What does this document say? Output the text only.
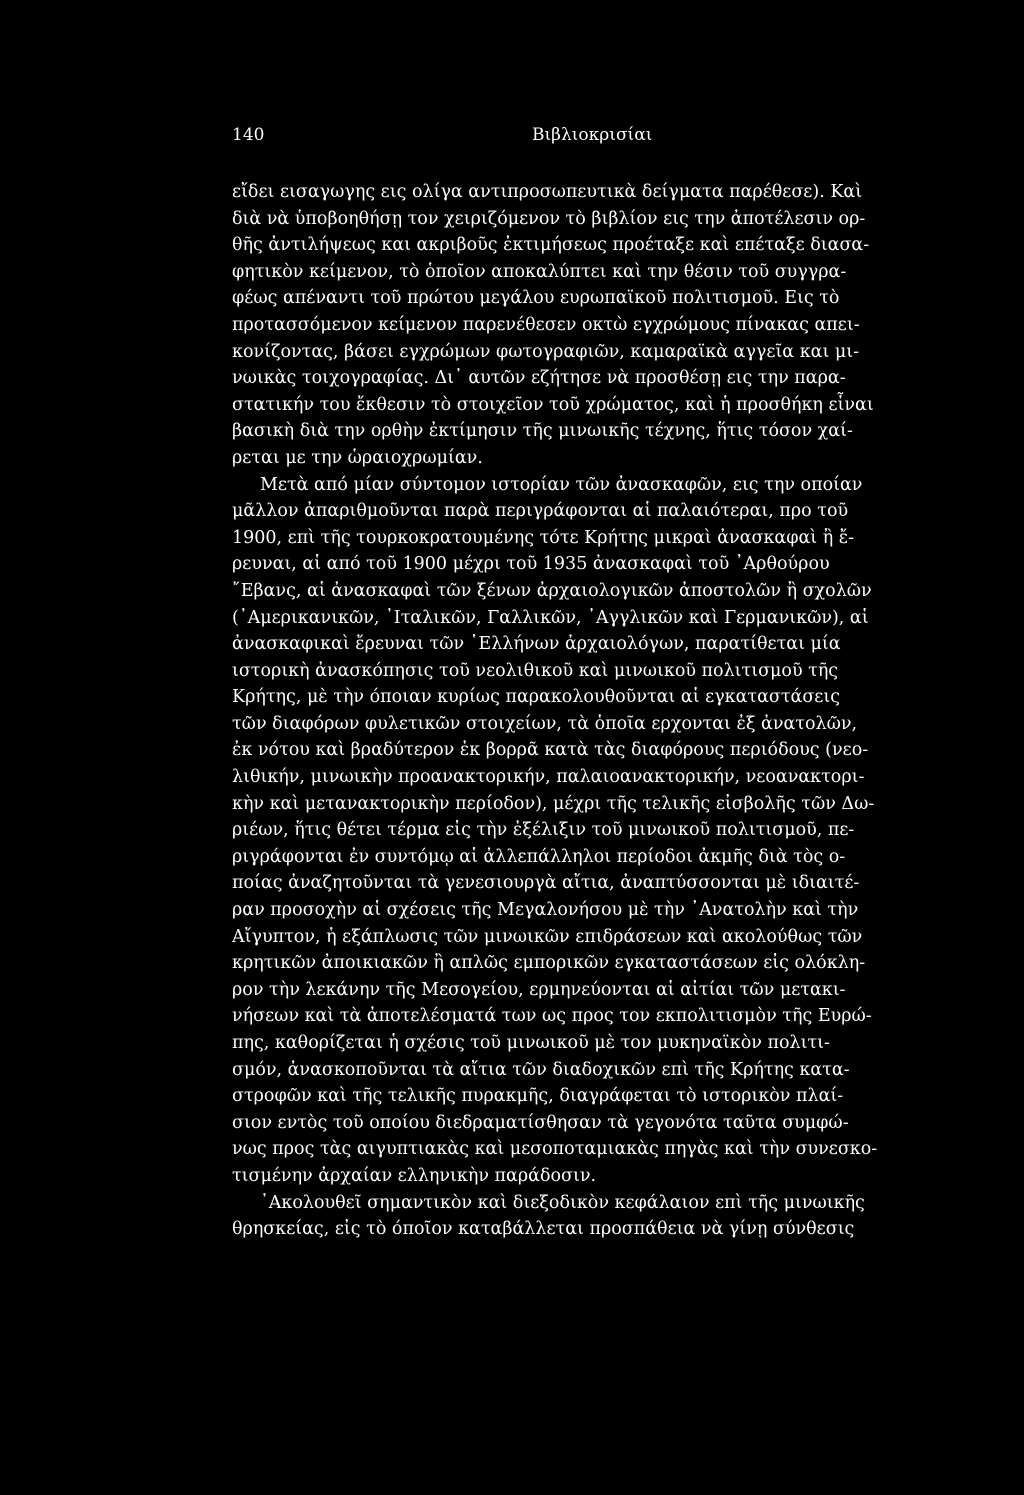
140	Βιβλιοκρισίαι
εἴδει εισαγωγης εις ολίγα αντιπροσωπευτικὰ δείγματα παρέθεσε). Καὶ
διὰ νὰ ὑποβοηθήσῃ τον χειριζόμενον τὸ βιβλίον εις την ἀποτέλεσιν ορ-
θῆς ἀντιλήψεως και ακριβοῦς ἐκτιμήσεως προέταξε καὶ επέταξε διασα-
φητικὸν κείμενον, τὸ ὁποῖον αποκαλύπτει καὶ την θέσιν τοῦ συγγρα-
φέως απέναντι τοῦ πρώτου μεγάλου ευρωπαϊκοῦ πολιτισμοῦ. Εις τὸ
προτασσόμενον κείμενον παρενέθεσεν οκτὼ εγχρώμους πίνακας απει-
κονίζοντας, βάσει εγχρώμων φωτογραφιῶν, καμαραϊκὰ αγγεῖα και μι-
νωικὰς τοιχογραφίας. Δι᾿ αυτῶν εζήτησε νὰ προσθέσῃ εις την παρα-
στατικήν του ἔκθεσιν τὸ στοιχεῖον τοῦ χρώματος, καὶ ἡ προσθήκη εἶναι
βασικὴ διὰ την ορθὴν ἐκτίμησιν τῆς μινωικῆς τέχνης, ἥτις τόσον χαί-
ρεται με την ὡραιοχρωμίαν.
Μετὰ από μίαν σύντομον ιστορίαν τῶν ἀνασκαφῶν, εις την οποίαν
μᾶλλον ἀπαριθμοῦνται παρὰ περιγράφονται αἱ παλαιότεραι, προ τοῦ
1900, επὶ τῆς τουρκοκρατουμένης τότε Κρήτης μικραὶ ἀνασκαφαὶ ἢ ἔ-
ρευναι, αἱ από τοῦ 1900 μέχρι τοῦ 1935 ἀνασκαφαὶ τοῦ ᾿Αρθούρου
῎Εβανς, αἱ ἀνασκαφαὶ τῶν ξένων ἀρχαιολογικῶν ἀποστολῶν ἢ σχολῶν
(᾿Αμερικανικῶν, ᾿Ιταλικῶν, Γαλλικῶν, ᾿Αγγλικῶν καὶ Γερμανικῶν), αἱ
ἀνασκαφικαὶ ἔρευναι τῶν ῾Ελλήνων ἀρχαιολόγων, παρατίθεται μία
ιστορικὴ ἀνασκόπησις τοῦ νεολιθικοῦ καὶ μινωικοῦ πολιτισμοῦ τῆς
Κρήτης, μὲ τὴν όποιαν κυρίως παρακολουθοῦνται αἱ εγκαταστάσεις
τῶν διαφόρων φυλετικῶν στοιχείων, τὰ ὁποῖα ερχονται ἐξ ἀνατολῶν,
ἐκ νότου καὶ βραδύτερον ἐκ βορρᾶ κατὰ τὰς διαφόρους περιόδους (νεο-
λιθικήν, μινωικὴν προανακτορικήν, παλαιοανακτορικήν, νεοανακτορι-
κὴν καὶ μετανακτορικὴν περίοδον), μέχρι τῆς τελικῆς εἰσβολῆς τῶν Δω-
ριέων, ἥτις θέτει τέρμα εἰς τὴν ἐξέλιξιν τοῦ μινωικοῦ πολιτισμοῦ, πε-
ριγράφονται ἐν συντόμῳ αἱ ἀλλεπάλληλοι περίοδοι ἀκμῆς διὰ τὸς ο-
ποίας ἀναζητοῦνται τὰ γενεσιουργὰ αἴτια, ἀναπτύσσονται μὲ ιδιαιτέ-
ραν προσοχὴν αἱ σχέσεις τῆς Μεγαλονήσου μὲ τὴν ᾿Ανατολὴν καὶ τὴν
Αἴγυπτον, ἡ εξάπλωσις τῶν μινωικῶν επιδράσεων καὶ ακολούθως τῶν
κρητικῶν ἀποικιακῶν ἢ απλῶς εμπορικῶν εγκαταστάσεων εἰς ολόκλη-
ρον τὴν λεκάνην τῆς Μεσογείου, ερμηνεύονται αἱ αἰτίαι τῶν μετακι-
νήσεων καὶ τὰ ἀποτελέσματά των ως προς τον εκπολιτισμὸν τῆς Ευρώ-
πης, καθορίζεται ἡ σχέσις τοῦ μινωικοῦ μὲ τον μυκηναϊκὸν πολιτι-
σμόν, ἀνασκοποῦνται τὰ αἴτια τῶν διαδοχικῶν επὶ τῆς Κρήτης κατα-
στροφῶν καὶ τῆς τελικῆς πυρακμῆς, διαγράφεται τὸ ιστορικὸν πλαί-
σιον εντὸς τοῦ οποίου διεδραματίσθησαν τὰ γεγονότα ταῦτα συμφώ-
νως προς τὰς αιγυπτιακὰς καὶ μεσοποταμιακὰς πηγὰς καὶ τὴν συνεσκο-
τισμένην ἀρχαίαν ελληνικὴν παράδοσιν.
᾿Ακολουθεῖ σημαντικὸν καὶ διεξοδικὸν κεφάλαιον επὶ τῆς μινωικῆς
θρησκείας, εἰς τὸ όποῖον καταβάλλεται προσπάθεια νὰ γίνῃ σύνθεσις
